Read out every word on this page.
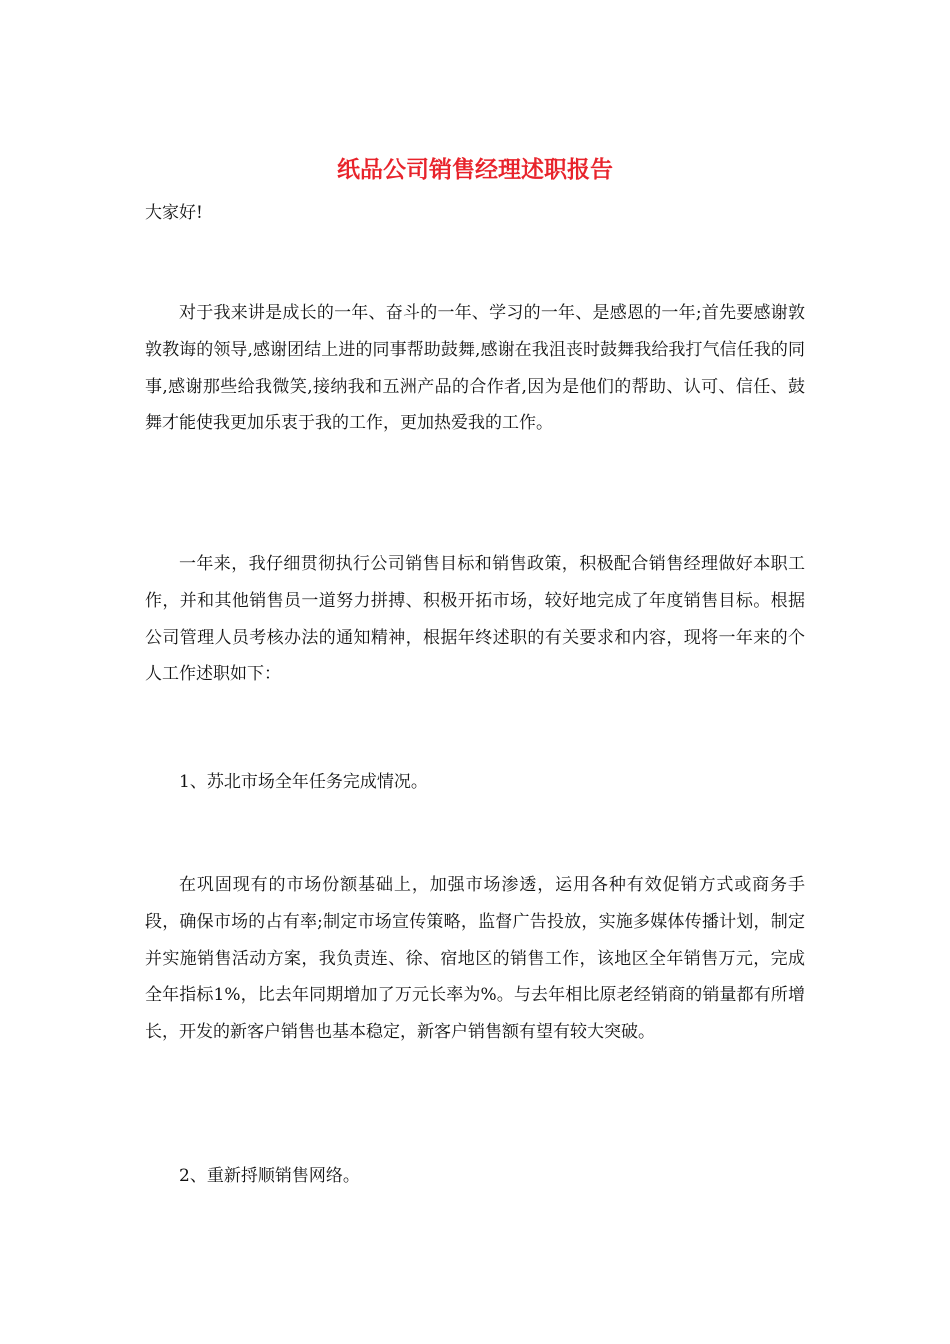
纸品公司销售经理述职报告

大家好!

对于我来讲是成长的一年、奋斗的一年、学习的一年、是感恩的一年;首先要感谢敦敦教诲的领导,感谢团结上进的同事帮助鼓舞,感谢在我沮丧时鼓舞我给我打气信任我的同事,感谢那些给我微笑,接纳我和五洲产品的合作者,因为是他们的帮助、认可、信任、鼓舞才能使我更加乐衷于我的工作，更加热爱我的工作。

一年来，我仔细贯彻执行公司销售目标和销售政策，积极配合销售经理做好本职工作，并和其他销售员一道努力拼搏、积极开拓市场，较好地完成了年度销售目标。根据公司管理人员考核办法的通知精神，根据年终述职的有关要求和内容，现将一年来的个人工作述职如下：

1、苏北市场全年任务完成情况。

在巩固现有的市场份额基础上，加强市场渗透，运用各种有效促销方式或商务手段，确保市场的占有率;制定市场宣传策略，监督广告投放，实施多媒体传播计划，制定并实施销售活动方案，我负责连、徐、宿地区的销售工作，该地区全年销售万元，完成全年指标1%，比去年同期增加了万元长率为%。与去年相比原老经销商的销量都有所增长，开发的新客户销售也基本稳定，新客户销售额有望有较大突破。

2、重新捋顺销售网络。
